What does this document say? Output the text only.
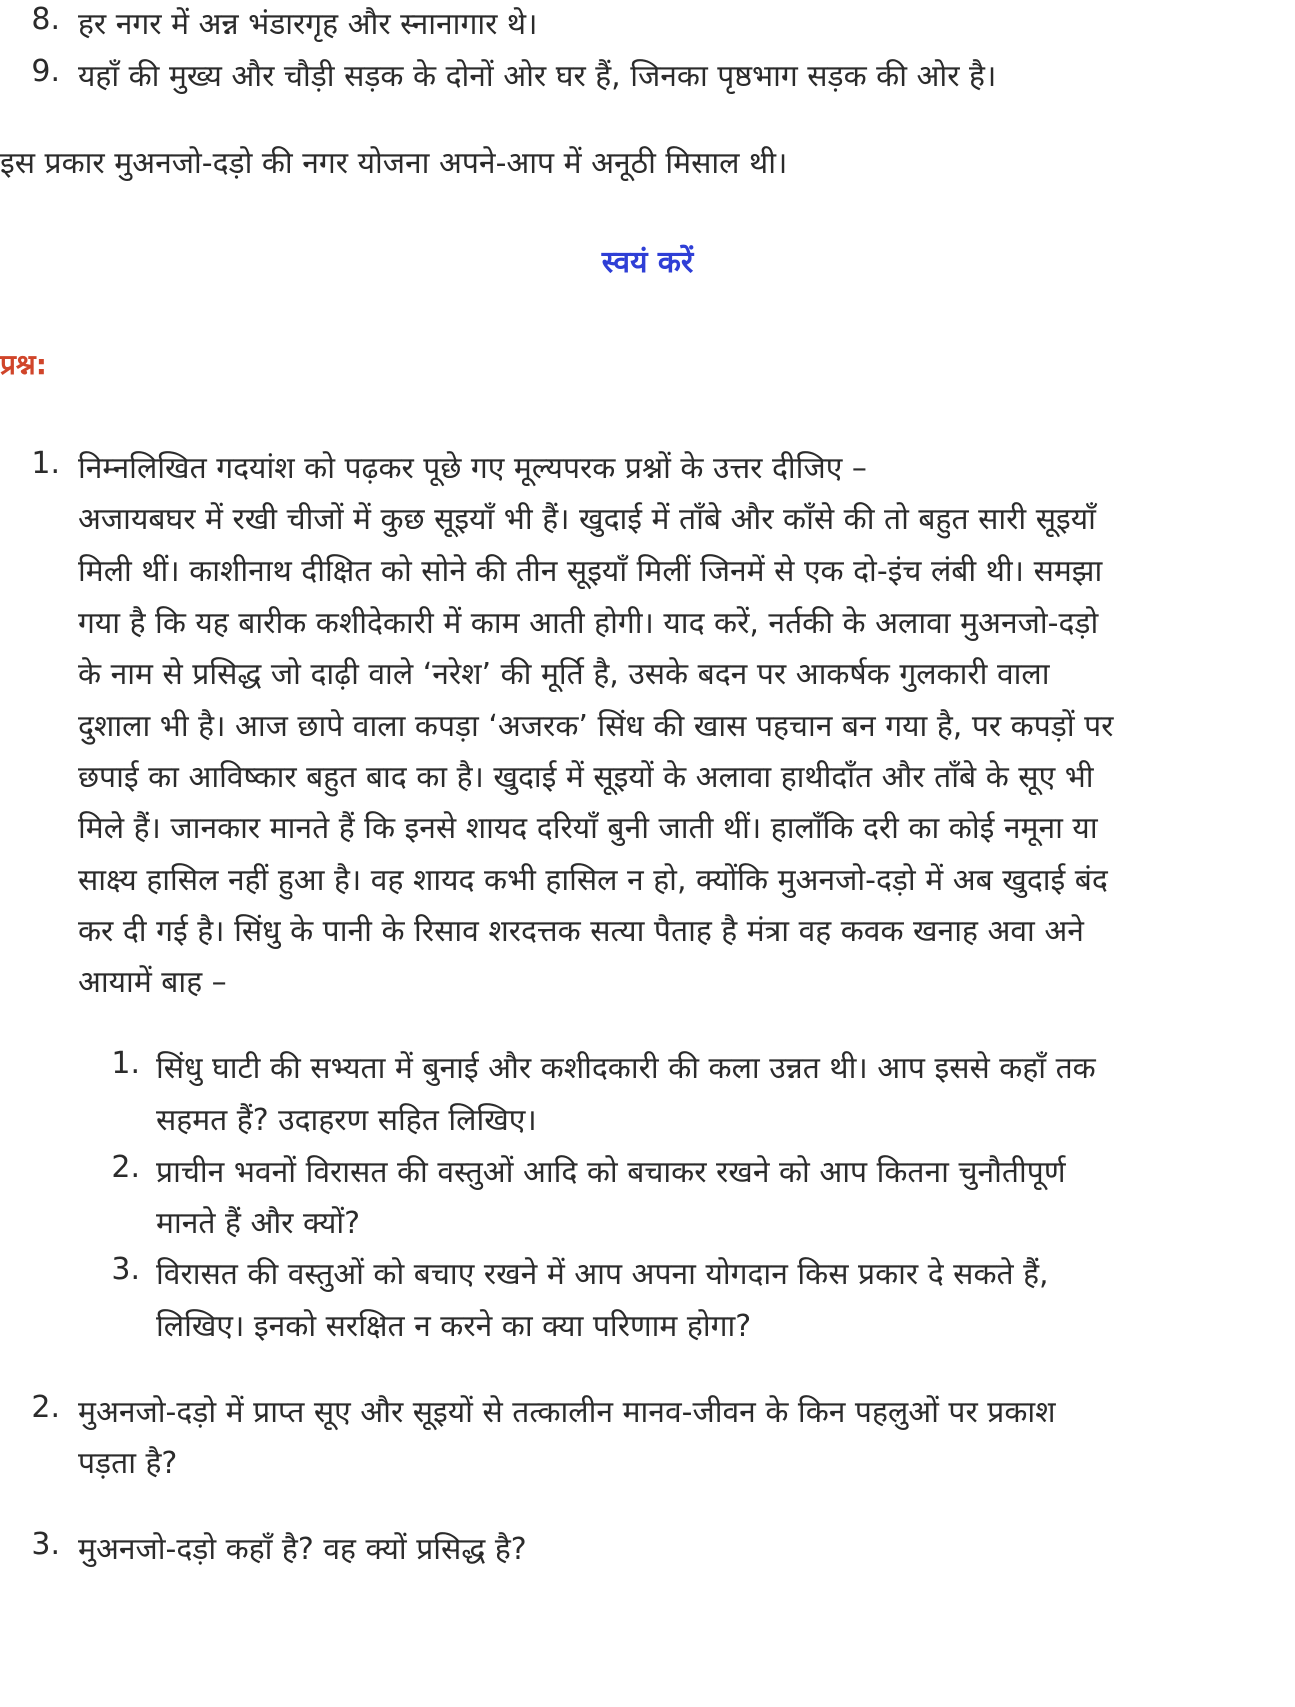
8. हर नगर में अन्न भंडारगृह और स्नानागार थे।
9. यहाँ की मुख्य और चौड़ी सड़क के दोनों ओर घर हैं, जिनका पृष्ठभाग सड़क की ओर है।
इस प्रकार मुअनजो-दड़ो की नगर योजना अपने-आप में अनूठी मिसाल थी।
स्वयं करें
प्रश्न:
1. निम्नलिखित गदयांश को पढ़कर पूछे गए मूल्यपरक प्रश्नों के उत्तर दीजिए –
अजायबघर में रखी चीजों में कुछ सूइयाँ भी हैं। खुदाई में ताँबे और काँसे की तो बहुत सारी सूइयाँ
मिली थीं। काशीनाथ दीक्षित को सोने की तीन सूइयाँ मिलीं जिनमें से एक दो-इंच लंबी थी। समझा
गया है कि यह बारीक कशीदेकारी में काम आती होगी। याद करें, नर्तकी के अलावा मुअनजो-दड़ो
के नाम से प्रसिद्ध जो दाढ़ी वाले ‘नरेश’ की मूर्ति है, उसके बदन पर आकर्षक गुलकारी वाला
दुशाला भी है। आज छापे वाला कपड़ा ‘अजरक’ सिंध की खास पहचान बन गया है, पर कपड़ों पर
छपाई का आविष्कार बहुत बाद का है। खुदाई में सूइयों के अलावा हाथीदाँत और ताँबे के सूए भी
मिले हैं। जानकार मानते हैं कि इनसे शायद दरियाँ बुनी जाती थीं। हालाँकि दरी का कोई नमूना या
साक्ष्य हासिल नहीं हुआ है। वह शायद कभी हासिल न हो, क्योंकि मुअनजो-दड़ो में अब खुदाई बंद
कर दी गई है। सिंधु के पानी के रिसाव शरदत्तक सत्या पैताह है मंत्रा वह कवक खनाह अवा अने
आयामें बाह –
1. सिंधु घाटी की सभ्यता में बुनाई और कशीदकारी की कला उन्नत थी। आप इससे कहाँ तक
सहमत हैं? उदाहरण सहित लिखिए।
2. प्राचीन भवनों विरासत की वस्तुओं आदि को बचाकर रखने को आप कितना चुनौतीपूर्ण
मानते हैं और क्यों?
3. विरासत की वस्तुओं को बचाए रखने में आप अपना योगदान किस प्रकार दे सकते हैं,
लिखिए। इनको सरक्षित न करने का क्या परिणाम होगा?
2. मुअनजो-दड़ो में प्राप्त सूए और सूइयों से तत्कालीन मानव-जीवन के किन पहलुओं पर प्रकाश
पड़ता है?
3. मुअनजो-दड़ो कहाँ है? वह क्यों प्रसिद्ध है?
